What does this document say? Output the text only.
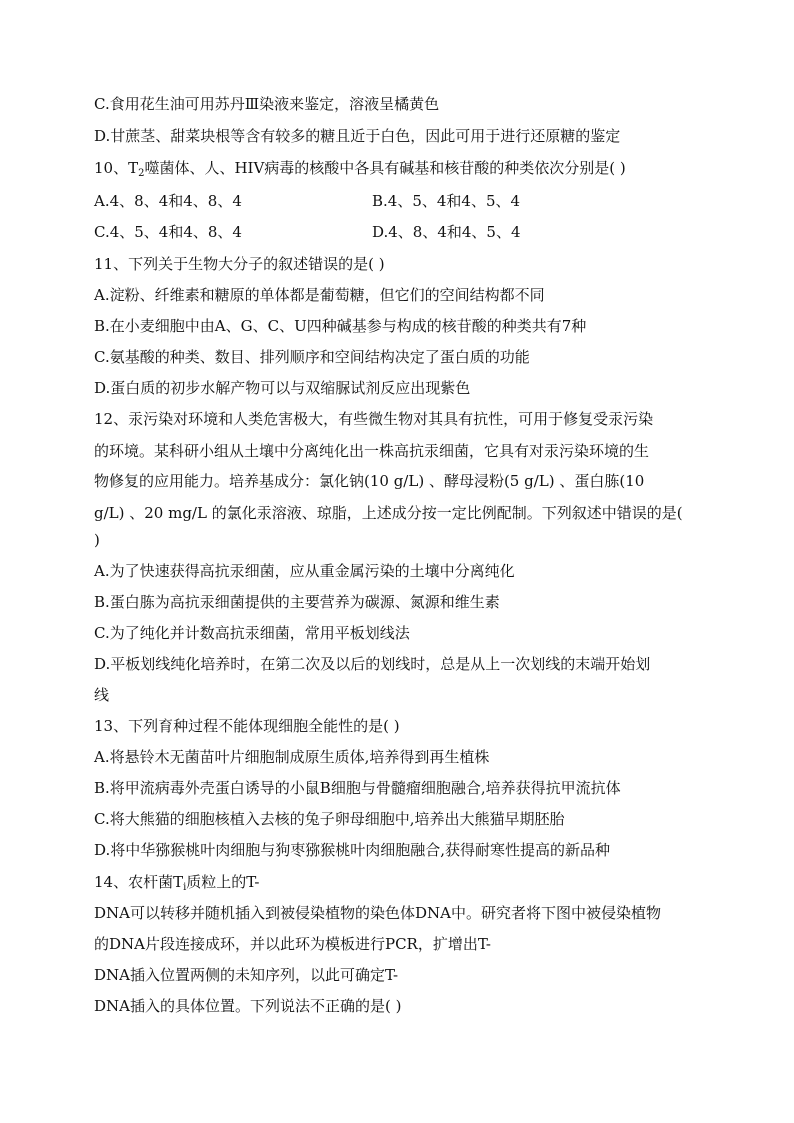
C.食用花生油可用苏丹Ⅲ染液来鉴定，溶液呈橘黄色
D.甘蔗茎、甜菜块根等含有较多的糖且近于白色，因此可用于进行还原糖的鉴定
10、$T_2$噬菌体、人、HIV病毒的核酸中各具有碱基和核苷酸的种类依次分别是( )
A.4、8、4和4、8、4	B.4、5、4和4、5、4
C.4、5、4和4、8、4	D.4、8、4和4、5、4
11、下列关于生物大分子的叙述错误的是( )
A.淀粉、纤维素和糖原的单体都是葡萄糖，但它们的空间结构都不同
B.在小麦细胞中由A、G、C、U四种碱基参与构成的核苷酸的种类共有7种
C.氨基酸的种类、数目、排列顺序和空间结构决定了蛋白质的功能
D.蛋白质的初步水解产物可以与双缩脲试剂反应出现紫色
12、汞污染对环境和人类危害极大，有些微生物对其具有抗性，可用于修复受汞污染
的环境。某科研小组从土壤中分离纯化出一株高抗汞细菌，它具有对汞污染环境的生
物修复的应用能力。培养基成分：氯化钠(10 g/L) 、酵母浸粉(5 g/L) 、蛋白胨(10
g/L) 、20 mg/L 的氯化汞溶液、琼脂，上述成分按一定比例配制。下列叙述中错误的是(
)
A.为了快速获得高抗汞细菌，应从重金属污染的土壤中分离纯化
B.蛋白胨为高抗汞细菌提供的主要营养为碳源、氮源和维生素
C.为了纯化并计数高抗汞细菌，常用平板划线法
D.平板划线纯化培养时，在第二次及以后的划线时，总是从上一次划线的末端开始划
线
13、下列育种过程不能体现细胞全能性的是( )
A.将悬铃木无菌苗叶片细胞制成原生质体,培养得到再生植株
B.将甲流病毒外壳蛋白诱导的小鼠B细胞与骨髓瘤细胞融合,培养获得抗甲流抗体
C.将大熊猫的细胞核植入去核的兔子卵母细胞中,培养出大熊猫早期胚胎
D.将中华猕猴桃叶肉细胞与狗枣猕猴桃叶肉细胞融合,获得耐寒性提高的新品种
14、农杆菌$T_i$质粒上的T-
DNA可以转移并随机插入到被侵染植物的染色体DNA中。研究者将下图中被侵染植物
的DNA片段连接成环，并以此环为模板进行PCR，扩增出T-
DNA插入位置两侧的未知序列，以此可确定T-
DNA插入的具体位置。下列说法不正确的是( )
